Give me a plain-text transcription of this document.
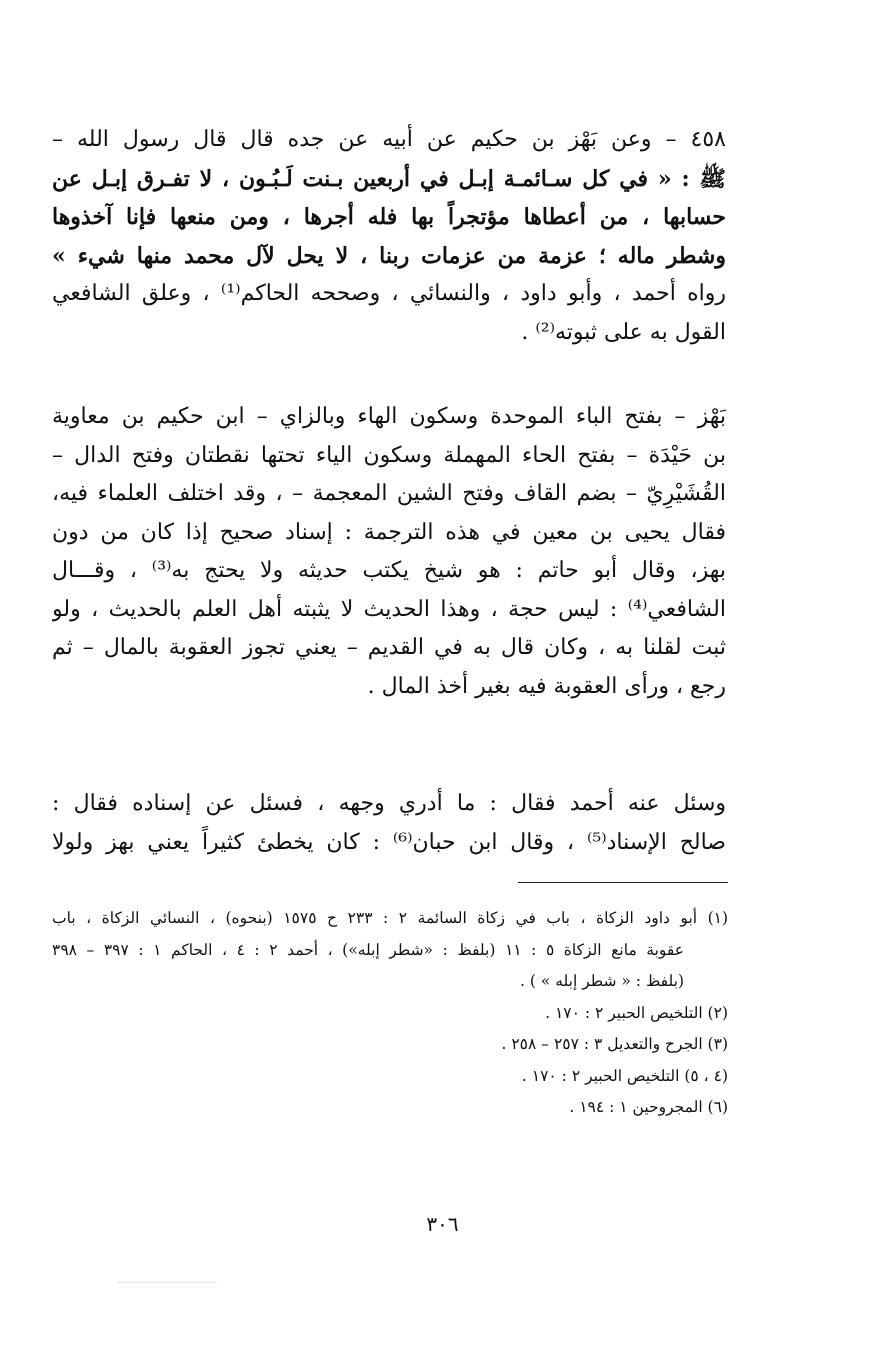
٤٥٨ – وعن بَهْز بن حكيم عن أبيه عن جده قال قال رسول الله –
ﷺ : « في كل سـائمـة إبـل في أربعين بـنت لَـبُـون ، لا تفـرق إبـل عن
حسابها ، من أعطاها مؤتجراً بها فله أجرها ، ومن منعها فإنا آخذوها
وشطر ماله ؛ عزمة من عزمات ربنا ، لا يحل لآل محمد منها شيء »
رواه أحمد ، وأبو داود ، والنسائي ، وصححه الحاكم⁽¹⁾ ، وعلق الشافعي
القول به على ثبوته⁽²⁾ .
بَهْز – بفتح الباء الموحدة وسكون الهاء وبالزاي – ابن حكيم بن معاوية
بن حَيْدَة – بفتح الحاء المهملة وسكون الياء تحتها نقطتان وفتح الدال –
القُشَيْرِيّ – بضم القاف وفتح الشين المعجمة – ، وقد اختلف العلماء فيه،
فقال يحيى بن معين في هذه الترجمة : إسناد صحيح إذا كان من دون
بهز، وقال أبو حاتم : هو شيخ يكتب حديثه ولا يحتج به⁽³⁾ ، وقـــال
الشافعي⁽⁴⁾ : ليس حجة ، وهذا الحديث لا يثبته أهل العلم بالحديث ، ولو
ثبت لقلنا به ، وكان قال به في القديم – يعني تجوز العقوبة بالمال – ثم
رجع ، ورأى العقوبة فيه بغير أخذ المال .
وسئل عنه أحمد فقال : ما أدري وجهه ، فسئل عن إسناده فقال :
صالح الإسناد⁽⁵⁾ ، وقال ابن حبان⁽⁶⁾ : كان يخطئ كثيراً يعني بهز ولولا
(١) أبو داود الزكاة ، باب في زكاة السائمة ٢ : ٢٣٣ ح ١٥٧٥ (بنحوه) ، النسائي الزكاة ، باب
عقوبة مانع الزكاة ٥ : ١١ (بلفظ : «شطر إبله») ، أحمد ٢ : ٤ ، الحاكم ١ : ٣٩٧ – ٣٩٨
(بلفظ : « شطر إبله » ) .
(٢) التلخيص الحبير ٢ : ١٧٠ .
(٣) الجرح والتعديل ٣ : ٢٥٧ – ٢٥٨ .
(٤ ، ٥) التلخيص الحبير ٢ : ١٧٠ .
(٦) المجروحين ١ : ١٩٤ .
٣٠٦
